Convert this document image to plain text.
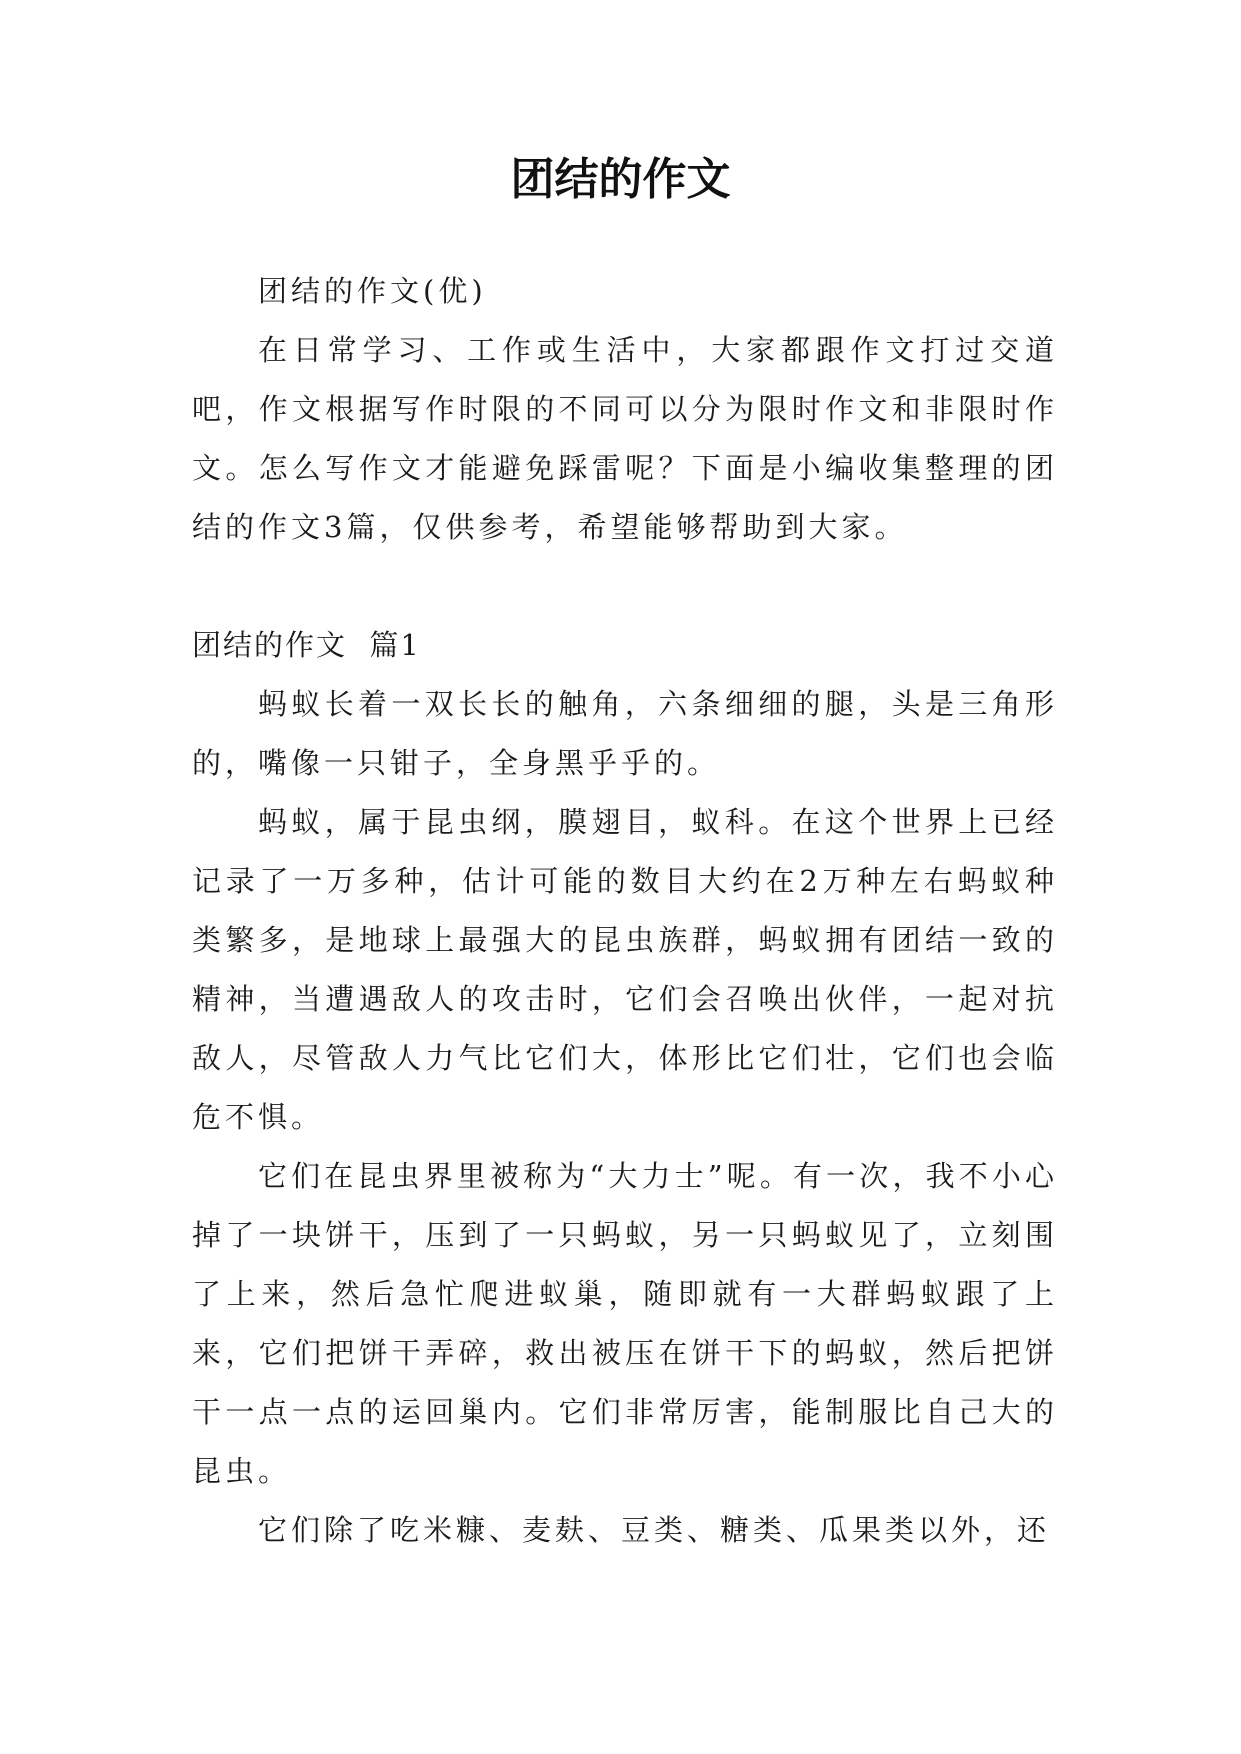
团结的作文

团结的作文(优)

在日常学习、工作或生活中，大家都跟作文打过交道吧，作文根据写作时限的不同可以分为限时作文和非限时作文。怎么写作文才能避免踩雷呢？下面是小编收集整理的团结的作文3篇，仅供参考，希望能够帮助到大家。

团结的作文  篇1

蚂蚁长着一双长长的触角，六条细细的腿，头是三角形的，嘴像一只钳子，全身黑乎乎的。

蚂蚁，属于昆虫纲，膜翅目，蚁科。在这个世界上已经记录了一万多种，估计可能的数目大约在2万种左右蚂蚁种类繁多，是地球上最强大的昆虫族群，蚂蚁拥有团结一致的精神，当遭遇敌人的攻击时，它们会召唤出伙伴，一起对抗敌人，尽管敌人力气比它们大，体形比它们壮，它们也会临危不惧。

它们在昆虫界里被称为“大力士”呢。有一次，我不小心掉了一块饼干，压到了一只蚂蚁，另一只蚂蚁见了，立刻围了上来，然后急忙爬进蚁巢，随即就有一大群蚂蚁跟了上来，它们把饼干弄碎，救出被压在饼干下的蚂蚁，然后把饼干一点一点的运回巢内。它们非常厉害，能制服比自己大的昆虫。

它们除了吃米糠、麦麸、豆类、糖类、瓜果类以外，还
